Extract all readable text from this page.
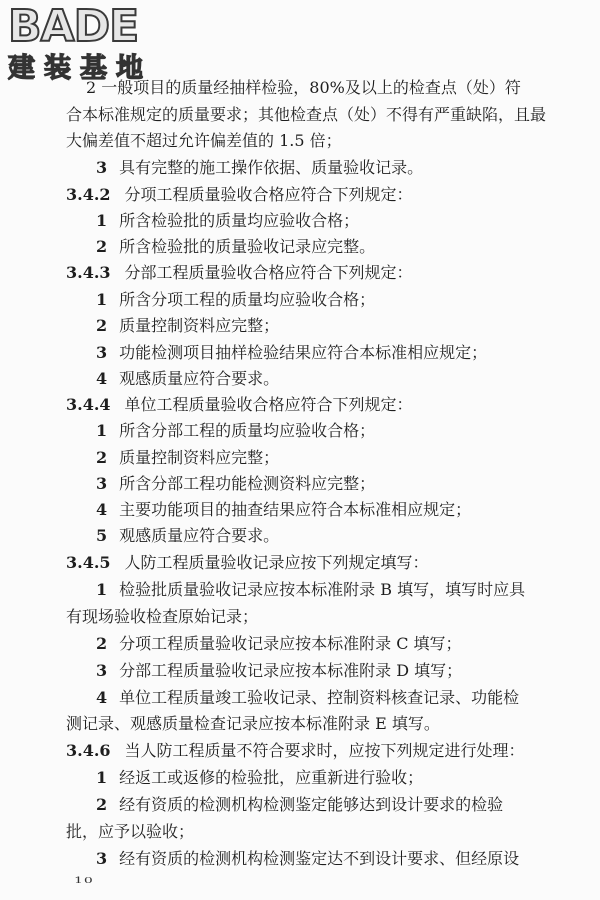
BADE
建装基地
2 一般项目的质量经抽样检验，80%及以上的检查点（处）符
合本标准规定的质量要求；其他检查点（处）不得有严重缺陷，且最
大偏差值不超过允许偏差值的 1.5 倍；
3 具有完整的施工操作依据、质量验收记录。
3.4.2 分项工程质量验收合格应符合下列规定：
1 所含检验批的质量均应验收合格；
2 所含检验批的质量验收记录应完整。
3.4.3 分部工程质量验收合格应符合下列规定：
1 所含分项工程的质量均应验收合格；
2 质量控制资料应完整；
3 功能检测项目抽样检验结果应符合本标准相应规定；
4 观感质量应符合要求。
3.4.4 单位工程质量验收合格应符合下列规定：
1 所含分部工程的质量均应验收合格；
2 质量控制资料应完整；
3 所含分部工程功能检测资料应完整；
4 主要功能项目的抽查结果应符合本标准相应规定；
5 观感质量应符合要求。
3.4.5 人防工程质量验收记录应按下列规定填写：
1 检验批质量验收记录应按本标准附录 B 填写，填写时应具
有现场验收检查原始记录；
2 分项工程质量验收记录应按本标准附录 C 填写；
3 分部工程质量验收记录应按本标准附录 D 填写；
4 单位工程质量竣工验收记录、控制资料核查记录、功能检
测记录、观感质量检查记录应按本标准附录 E 填写。
3.4.6 当人防工程质量不符合要求时，应按下列规定进行处理：
1 经返工或返修的检验批，应重新进行验收；
2 经有资质的检测机构检测鉴定能够达到设计要求的检验
批，应予以验收；
3 经有资质的检测机构检测鉴定达不到设计要求、但经原设
10
